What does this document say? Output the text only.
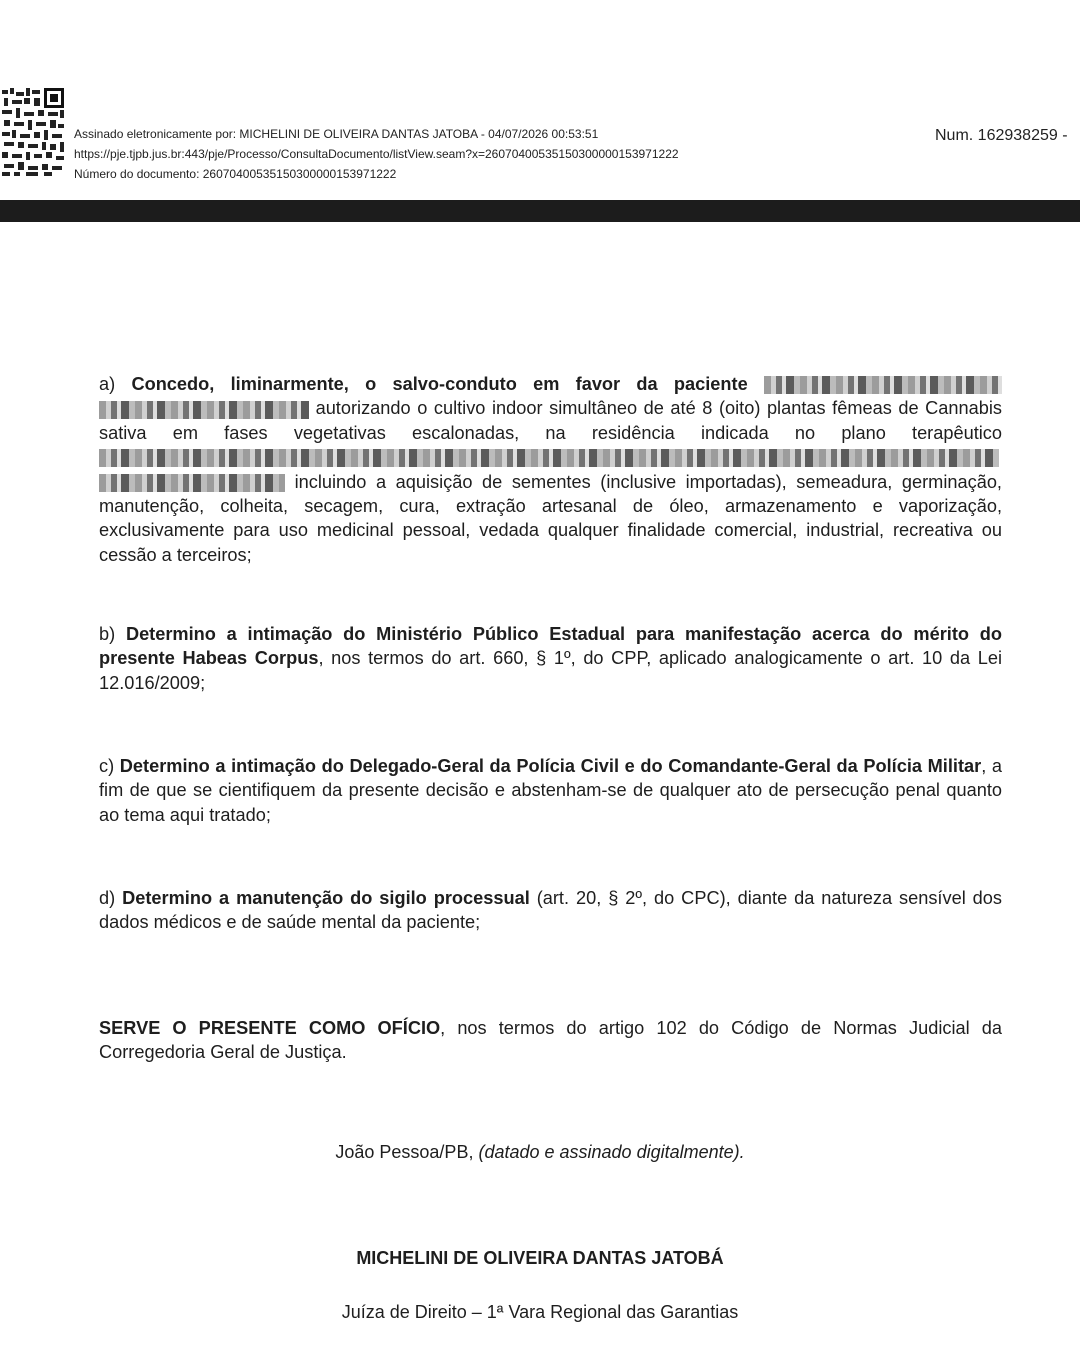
Assinado eletronicamente por: MICHELINI DE OLIVEIRA DANTAS JATOBA - 04/07/2026 00:53:51
https://pje.tjpb.jus.br:443/pje/Processo/ConsultaDocumento/listView.seam?x=26070400535150300000153971222
Número do documento: 26070400535150300000153971222
Num. 162938259 -

a) Concedo, liminarmente, o salvo-conduto em favor da paciente   autorizando o cultivo indoor simultâneo de até 8 (oito) plantas fêmeas de Cannabis sativa em fases vegetativas escalonadas, na residência indicada no plano terapêutico   incluindo a aquisição de sementes (inclusive importadas), semeadura, germinação, manutenção, colheita, secagem, cura, extração artesanal de óleo, armazenamento e vaporização, exclusivamente para uso medicinal pessoal, vedada qualquer finalidade comercial, industrial, recreativa ou cessão a terceiros;

b) Determino a intimação do Ministério Público Estadual para manifestação acerca do mérito do presente Habeas Corpus, nos termos do art. 660, § 1º, do CPP, aplicado analogicamente o art. 10 da Lei 12.016/2009;

c) Determino a intimação do Delegado-Geral da Polícia Civil e do Comandante-Geral da Polícia Militar, a fim de que se cientifiquem da presente decisão e abstenham-se de qualquer ato de persecução penal quanto ao tema aqui tratado;

d) Determino a manutenção do sigilo processual (art. 20, § 2º, do CPC), diante da natureza sensível dos dados médicos e de saúde mental da paciente;

SERVE O PRESENTE COMO OFÍCIO, nos termos do artigo 102 do Código de Normas Judicial da Corregedoria Geral de Justiça.

João Pessoa/PB, (datado e assinado digitalmente).
MICHELINI DE OLIVEIRA DANTAS JATOBÁ
Juíza de Direito – 1ª Vara Regional das Garantias
